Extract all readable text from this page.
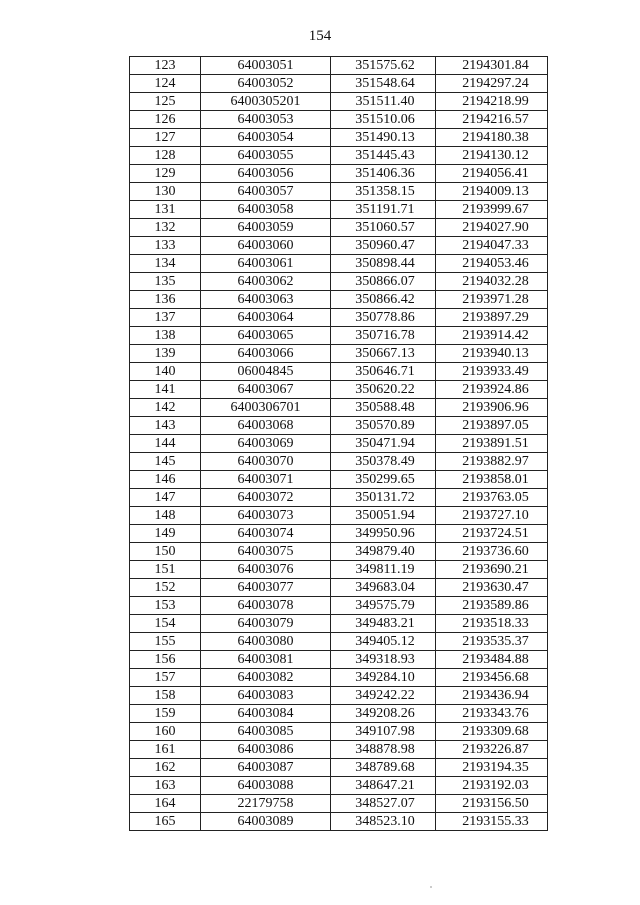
154
123	64003051	351575.62	2194301.84
124	64003052	351548.64	2194297.24
125	6400305201	351511.40	2194218.99
126	64003053	351510.06	2194216.57
127	64003054	351490.13	2194180.38
128	64003055	351445.43	2194130.12
129	64003056	351406.36	2194056.41
130	64003057	351358.15	2194009.13
131	64003058	351191.71	2193999.67
132	64003059	351060.57	2194027.90
133	64003060	350960.47	2194047.33
134	64003061	350898.44	2194053.46
135	64003062	350866.07	2194032.28
136	64003063	350866.42	2193971.28
137	64003064	350778.86	2193897.29
138	64003065	350716.78	2193914.42
139	64003066	350667.13	2193940.13
140	06004845	350646.71	2193933.49
141	64003067	350620.22	2193924.86
142	6400306701	350588.48	2193906.96
143	64003068	350570.89	2193897.05
144	64003069	350471.94	2193891.51
145	64003070	350378.49	2193882.97
146	64003071	350299.65	2193858.01
147	64003072	350131.72	2193763.05
148	64003073	350051.94	2193727.10
149	64003074	349950.96	2193724.51
150	64003075	349879.40	2193736.60
151	64003076	349811.19	2193690.21
152	64003077	349683.04	2193630.47
153	64003078	349575.79	2193589.86
154	64003079	349483.21	2193518.33
155	64003080	349405.12	2193535.37
156	64003081	349318.93	2193484.88
157	64003082	349284.10	2193456.68
158	64003083	349242.22	2193436.94
159	64003084	349208.26	2193343.76
160	64003085	349107.98	2193309.68
161	64003086	348878.98	2193226.87
162	64003087	348789.68	2193194.35
163	64003088	348647.21	2193192.03
164	22179758	348527.07	2193156.50
165	64003089	348523.10	2193155.33
